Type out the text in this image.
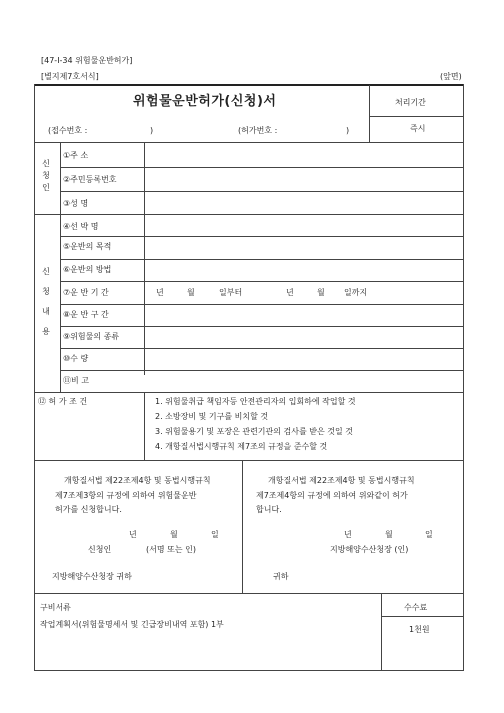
[47-Ⅰ-34 위험물운반허가]
[별지제7호서식]	(앞면)
위험물운반허가(신청)서	처리기간
즉시
(접수번호 :	)	(허가번호 :	)
신
청
인
①주 소
②주민등록번호
③성 명
신
청
내
용
④선 박 명
⑤운반의 목적
⑥운반의 방법
⑦운 반 기 간	년	월	일부터	년	월 일까지
⑧운 반 구 간
⑨위험물의 종류
⑩수 량
⑪비 고
⑫ 허 가 조 건	1. 위험물취급 책임자등 안전관리자의 입회하에 작업할 것
2. 소방장비 및 기구를 비치할 것
3. 위험물용기 및 포장은 관련기관의 검사를 받은 것일 것
4. 개항질서법시행규칙 제7조의 규정을 준수할 것
개항질서법 제22조제4항 및 동법시행규칙
제7조제3항의 규정에 의하여 위험물운반
허가를 신청합니다.
년	월	일
신청인	(서명 또는 인)
지방해양수산청장 귀하
개항질서법 제22조제4항 및 동법시행규칙
제7조제4항의 규정에 의하여 위와같이 허가
합니다.
년	월	일
지방해양수산청장 (인)
귀하
구비서류
작업계획서(위험물명세서 및 긴급장비내역 포함) 1부
수수료
1천원
